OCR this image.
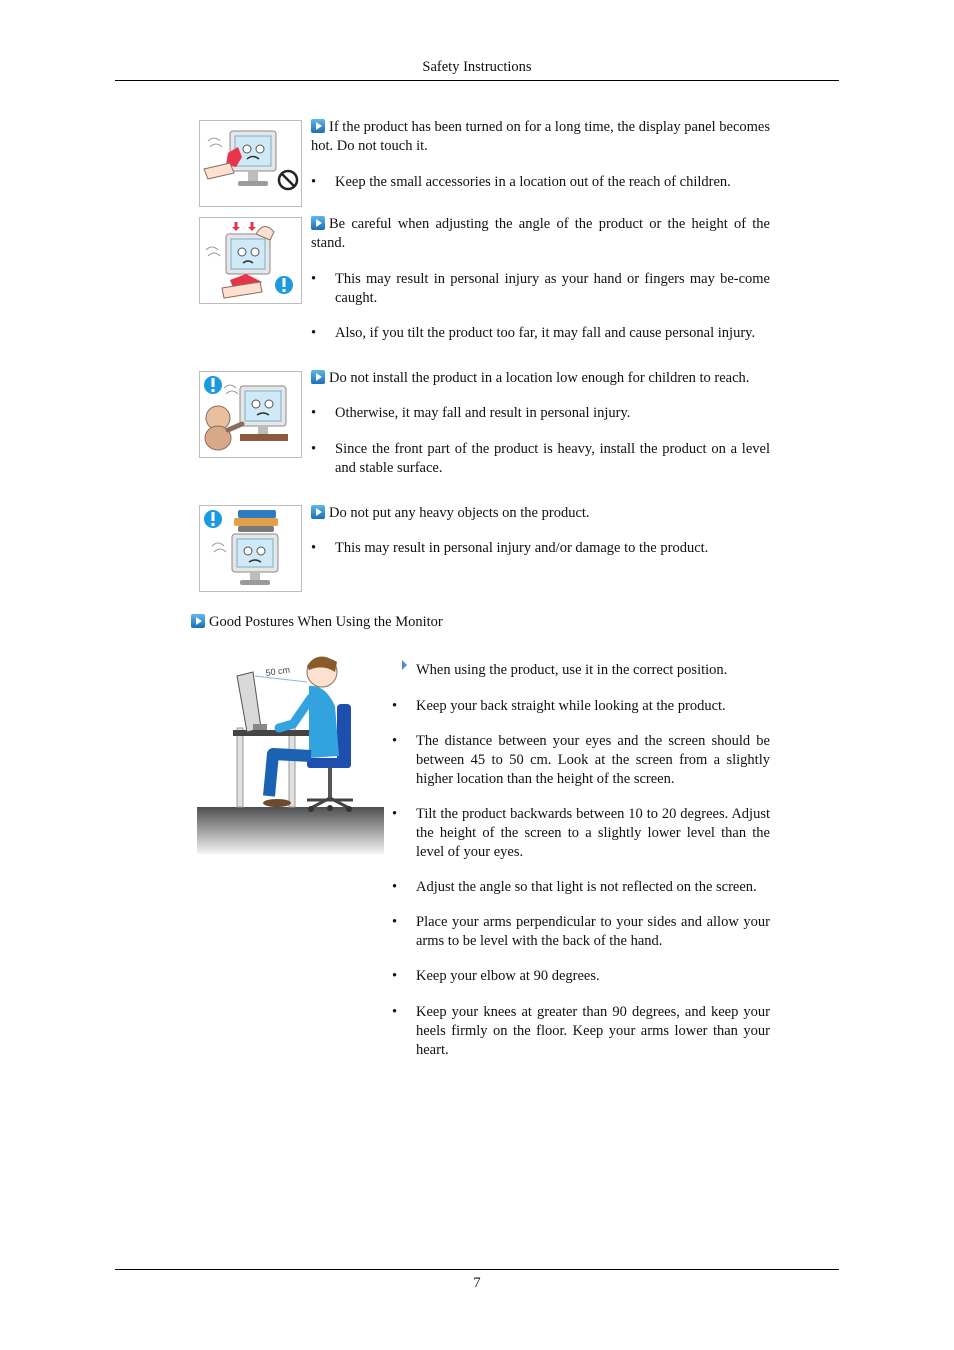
Safety Instructions

If the product has been turned on for a long time, the display panel becomes hot. Do not touch it.

• Keep the small accessories in a location out of the reach of children.

Be careful when adjusting the angle of the product or the height of the stand.

• This may result in personal injury as your hand or fingers may be-come caught.
• Also, if you tilt the product too far, it may fall and cause personal injury.

Do not install the product in a location low enough for children to reach.

• Otherwise, it may fall and result in personal injury.
• Since the front part of the product is heavy, install the product on a level and stable surface.

Do not put any heavy objects on the product.

• This may result in personal injury and/or damage to the product.
Good Postures When Using the Monitor
50 cm	When using the product, use it in the correct position.
• Keep your back straight while looking at the product.
• The distance between your eyes and the screen should be between 45 to 50 cm. Look at the screen from a slightly higher location than the height of the screen.
• Tilt the product backwards between 10 to 20 degrees. Adjust the height of the screen to a slightly lower level than the level of your eyes.
• Adjust the angle so that light is not reflected on the screen.
• Place your arms perpendicular to your sides and allow your arms to be level with the back of the hand.
• Keep your elbow at 90 degrees.
• Keep your knees at greater than 90 degrees, and keep your heels firmly on the floor. Keep your arms lower than your heart.
7
